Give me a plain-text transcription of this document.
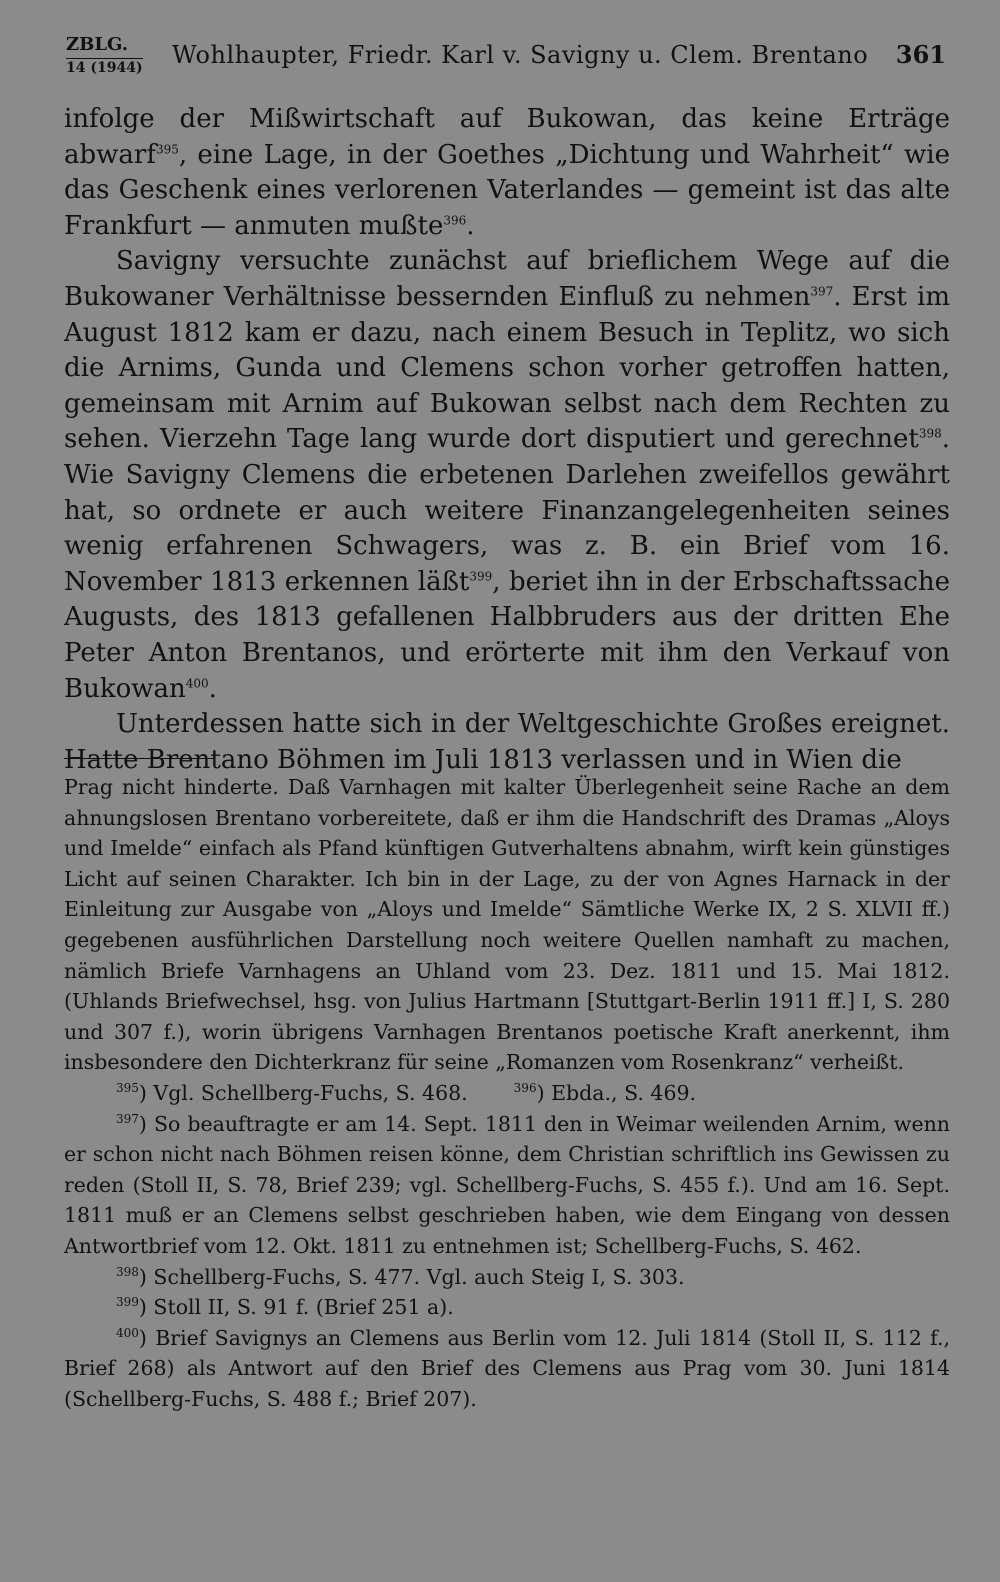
ZBLG.
14 (1944) Wohlhaupter, Friedr. Karl v. Savigny u. Clem. Brentano 361

infolge der Mißwirtschaft auf Bukowan, das keine Erträge abwarf$^{395}$, eine Lage, in der Goethes „Dichtung und Wahrheit“ wie das Geschenk eines verlorenen Vaterlandes — gemeint ist das alte Frankfurt — anmuten mußte$^{396}$.

Savigny versuchte zunächst auf brieflichem Wege auf die Bukowaner Verhältnisse bessernden Einfluß zu nehmen$^{397}$. Erst im August 1812 kam er dazu, nach einem Besuch in Teplitz, wo sich die Arnims, Gunda und Clemens schon vorher getroffen hatten, gemeinsam mit Arnim auf Bukowan selbst nach dem Rechten zu sehen. Vierzehn Tage lang wurde dort disputiert und gerechnet$^{398}$. Wie Savigny Clemens die erbetenen Darlehen zweifellos gewährt hat, so ordnete er auch weitere Finanzangelegenheiten seines wenig erfahrenen Schwagers, was z. B. ein Brief vom 16. November 1813 erkennen läßt$^{399}$, beriet ihn in der Erbschaftssache Augusts, des 1813 gefallenen Halbbruders aus der dritten Ehe Peter Anton Brentanos, und erörterte mit ihm den Verkauf von Bukowan$^{400}$.

Unterdessen hatte sich in der Weltgeschichte Großes ereignet. Hatte Brentano Böhmen im Juli 1813 verlassen und in Wien die

Prag nicht hinderte. Daß Varnhagen mit kalter Überlegenheit seine Rache an dem ahnungslosen Brentano vorbereitete, daß er ihm die Handschrift des Dramas „Aloys und Imelde“ einfach als Pfand künftigen Gutverhaltens abnahm, wirft kein günstiges Licht auf seinen Charakter. Ich bin in der Lage, zu der von Agnes Harnack in der Einleitung zur Ausgabe von „Aloys und Imelde“ Sämtliche Werke IX, 2 S. XLVII ff.) gegebenen ausführlichen Darstellung noch weitere Quellen namhaft zu machen, nämlich Briefe Varnhagens an Uhland vom 23. Dez. 1811 und 15. Mai 1812. (Uhlands Briefwechsel, hsg. von Julius Hartmann [Stuttgart-Berlin 1911 ff.] I, S. 280 und 307 f.), worin übrigens Varnhagen Brentanos poetische Kraft anerkennt, ihm insbesondere den Dichterkranz für seine „Romanzen vom Rosenkranz“ verheißt.

$^{395}$) Vgl. Schellberg-Fuchs, S. 468.	$^{396}$) Ebda., S. 469.

$^{397}$) So beauftragte er am 14. Sept. 1811 den in Weimar weilenden Arnim, wenn er schon nicht nach Böhmen reisen könne, dem Christian schriftlich ins Gewissen zu reden (Stoll II, S. 78, Brief 239; vgl. Schellberg-Fuchs, S. 455 f.). Und am 16. Sept. 1811 muß er an Clemens selbst geschrieben haben, wie dem Eingang von dessen Antwortbrief vom 12. Okt. 1811 zu entnehmen ist; Schellberg-Fuchs, S. 462.

$^{398}$) Schellberg-Fuchs, S. 477. Vgl. auch Steig I, S. 303.

$^{399}$) Stoll II, S. 91 f. (Brief 251 a).

$^{400}$) Brief Savignys an Clemens aus Berlin vom 12. Juli 1814 (Stoll II, S. 112 f., Brief 268) als Antwort auf den Brief des Clemens aus Prag vom 30. Juni 1814 (Schellberg-Fuchs, S. 488 f.; Brief 207).
